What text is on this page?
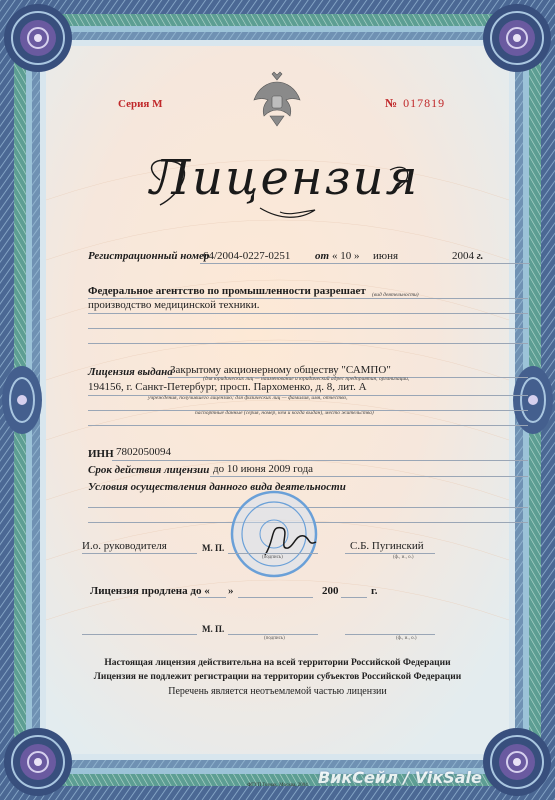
Серия М	№ 017819
Лицензия
Регистрационный номер
64/2004-0227-0251 от « 10 » июня	2004 г.
Федеральное агентство по промышленности разрешает (вид деятельности)
производство медицинской техники.
Лицензия выдана
Закрытому акционерному обществу "САМПО"
(для юридических лиц — наименование и юридический адрес предприятия, организации,
194156, г. Санкт-Петербург, просп. Пархоменко, д. 8, лит. А
учреждения, получившего лицензию; для физических лиц — фамилия, имя, отчество,
паспортные данные (серия, номер, кем и когда выдан), место жительства)
ИНН 7802050094
Срок действия лицензии до 10 июня 2009 года
Условия осуществления данного вида деятельности
И.о. руководителя	М. П.
(подпись)
С.Б. Пугинский
(ф., и., о.)
Лицензия продлена до « »	200	г.
М. П.
(подпись)	(ф., и., о.)
Настоящая лицензия действительна на всей территории Российской Федерации
Лицензия не подлежит регистрации на территории субъектов Российской Федерации
Перечень является неотъемлемой частью лицензии
ФГУП Гознак, Москва, 2004 ВикСейл / ViкSale
